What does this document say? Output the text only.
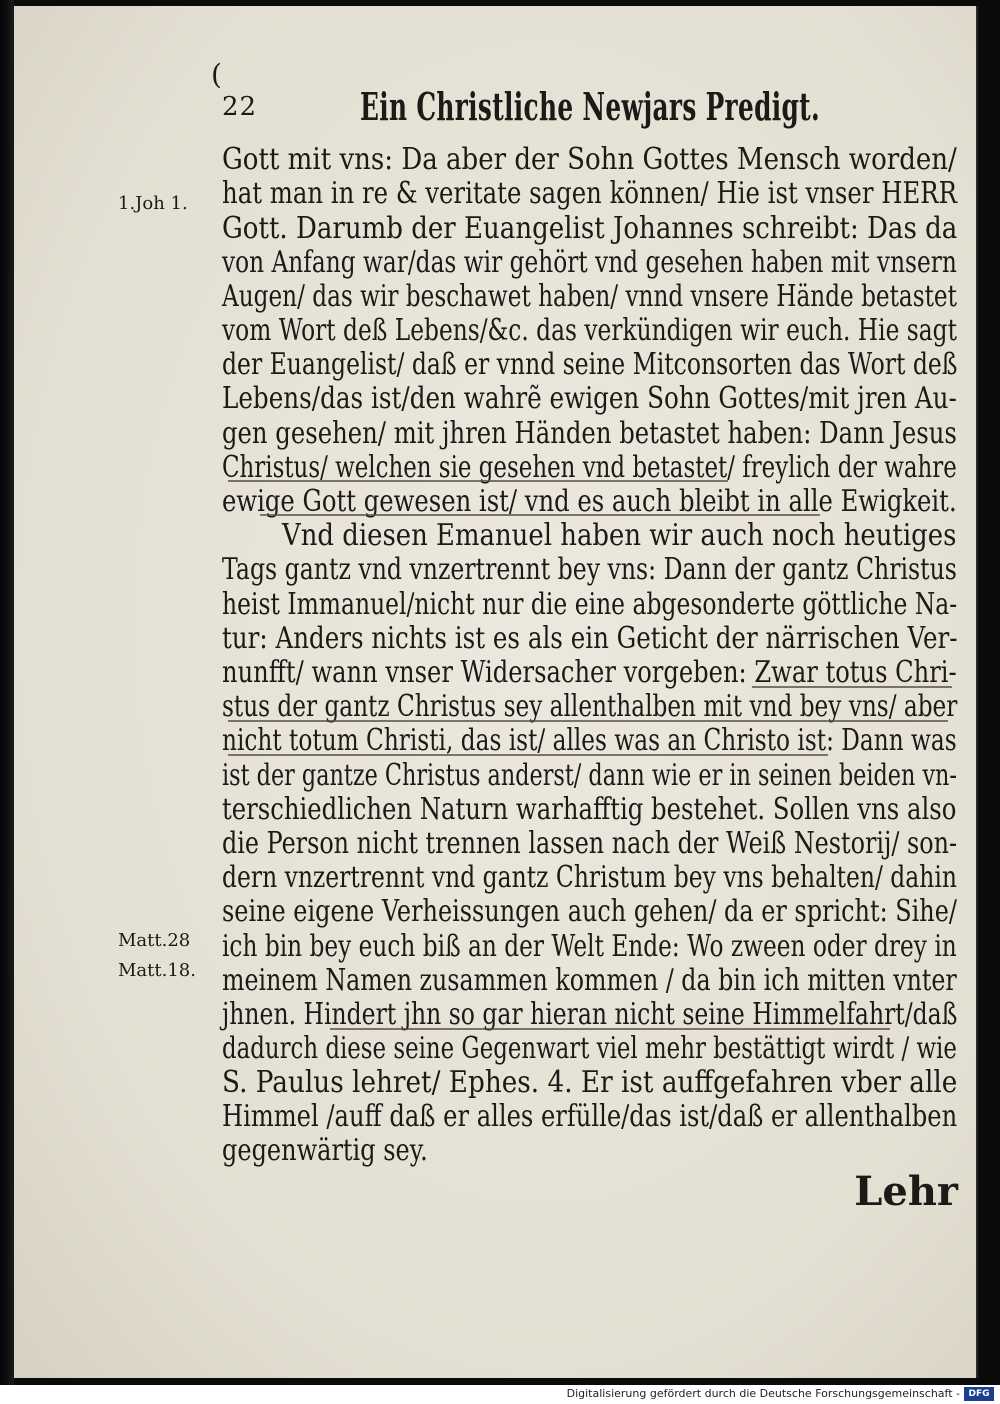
(
22	Ein Christliche Newjars Predigt.
1.Joh 1.
Matt.28
Matt.18.
Gott mit vns: Da aber der Sohn Gottes Mensch worden/
hat man in re & veritate sagen können/ Hie ist vnser HERR
Gott. Darumb der Euangelist Johannes schreibt: Das da
von Anfang war/das wir gehört vnd gesehen haben mit vnsern
Augen/ das wir beschawet haben/ vnnd vnsere Hände betastet
vom Wort deß Lebens/&c. das verkündigen wir euch. Hie sagt
der Euangelist/ daß er vnnd seine Mitconsorten das Wort deß
Lebens/das ist/den wahrẽ ewigen Sohn Gottes/mit jren Au-
gen gesehen/ mit jhren Händen betastet haben: Dann Jesus
Christus/ welchen sie gesehen vnd betastet/ freylich der wahre
ewige Gott gewesen ist/ vnd es auch bleibt in alle Ewigkeit.
Vnd diesen Emanuel haben wir auch noch heutiges
Tags gantz vnd vnzertrennt bey vns: Dann der gantz Christus
heist Immanuel/nicht nur die eine abgesonderte göttliche Na-
tur: Anders nichts ist es als ein Geticht der närrischen Ver-
nunfft/ wann vnser Widersacher vorgeben: Zwar totus Chri-
stus der gantz Christus sey allenthalben mit vnd bey vns/ aber
nicht totum Christi, das ist/ alles was an Christo ist: Dann was
ist der gantze Christus anderst/ dann wie er in seinen beiden vn-
terschiedlichen Naturn warhafftig bestehet. Sollen vns also
die Person nicht trennen lassen nach der Weiß Nestorij/ son-
dern vnzertrennt vnd gantz Christum bey vns behalten/ dahin
seine eigene Verheissungen auch gehen/ da er spricht: Sihe/
ich bin bey euch biß an der Welt Ende: Wo zween oder drey in
meinem Namen zusammen kommen / da bin ich mitten vnter
jhnen. Hindert jhn so gar hieran nicht seine Himmelfahrt/daß
dadurch diese seine Gegenwart viel mehr bestättigt wirdt / wie
S. Paulus lehret/ Ephes. 4. Er ist auffgefahren vber alle
Himmel /auff daß er alles erfülle/das ist/daß er allenthalben
gegenwärtig sey.
Lehr
Digitalisierung gefördert durch die Deutsche Forschungsgemeinschaft - DFG
